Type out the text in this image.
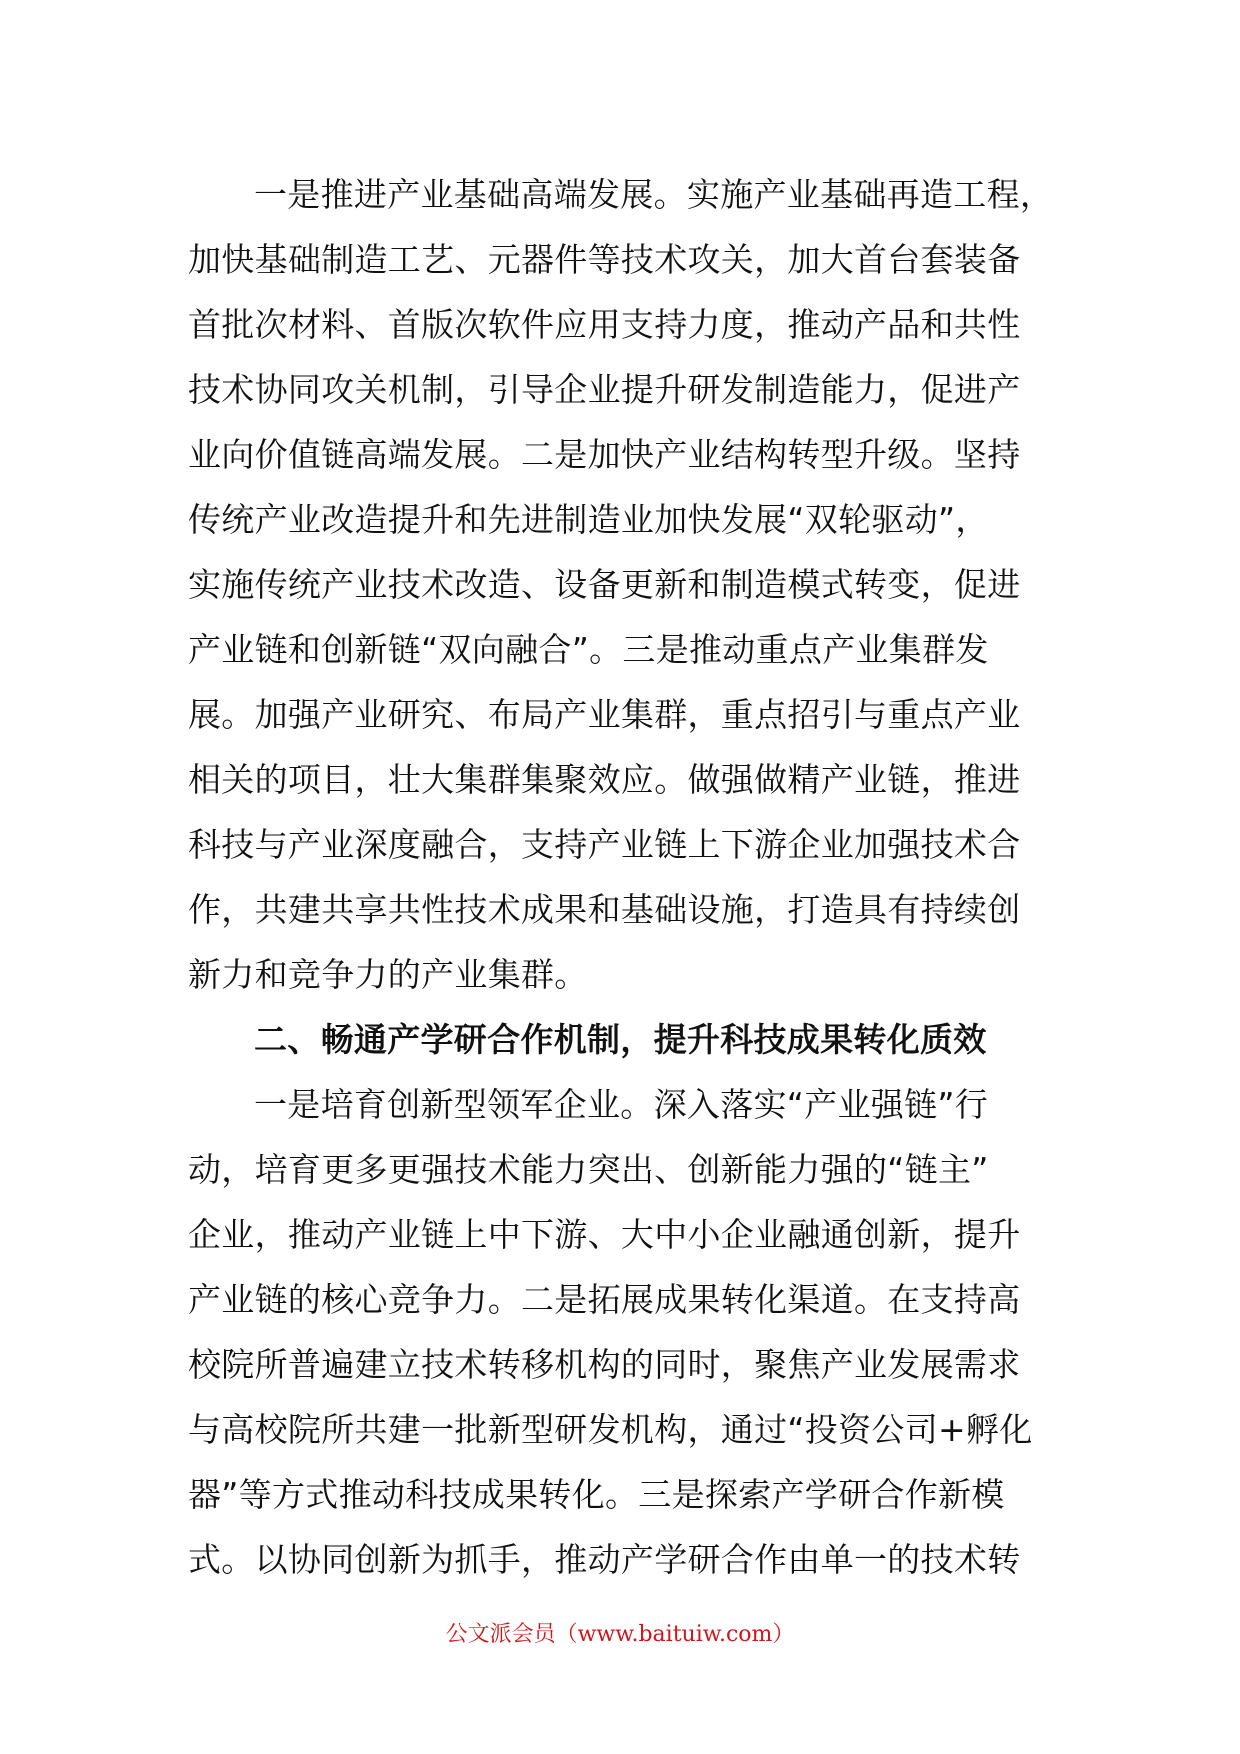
一是推进产业基础高端发展。实施产业基础再造工程，
加快基础制造工艺、元器件等技术攻关，加大首台套装备
首批次材料、首版次软件应用支持力度，推动产品和共性
技术协同攻关机制，引导企业提升研发制造能力，促进产
业向价值链高端发展。二是加快产业结构转型升级。坚持
传统产业改造提升和先进制造业加快发展“双轮驱动”，
实施传统产业技术改造、设备更新和制造模式转变，促进
产业链和创新链“双向融合”。三是推动重点产业集群发
展。加强产业研究、布局产业集群，重点招引与重点产业
相关的项目，壮大集群集聚效应。做强做精产业链，推进
科技与产业深度融合，支持产业链上下游企业加强技术合
作，共建共享共性技术成果和基础设施，打造具有持续创
新力和竞争力的产业集群。
二、畅通产学研合作机制，提升科技成果转化质效
一是培育创新型领军企业。深入落实“产业强链”行
动，培育更多更强技术能力突出、创新能力强的“链主”
企业，推动产业链上中下游、大中小企业融通创新，提升
产业链的核心竞争力。二是拓展成果转化渠道。在支持高
校院所普遍建立技术转移机构的同时，聚焦产业发展需求
与高校院所共建一批新型研发机构，通过“投资公司+孵化
器”等方式推动科技成果转化。三是探索产学研合作新模
式。以协同创新为抓手，推动产学研合作由单一的技术转
公文派会员（www.baituiw.com）
